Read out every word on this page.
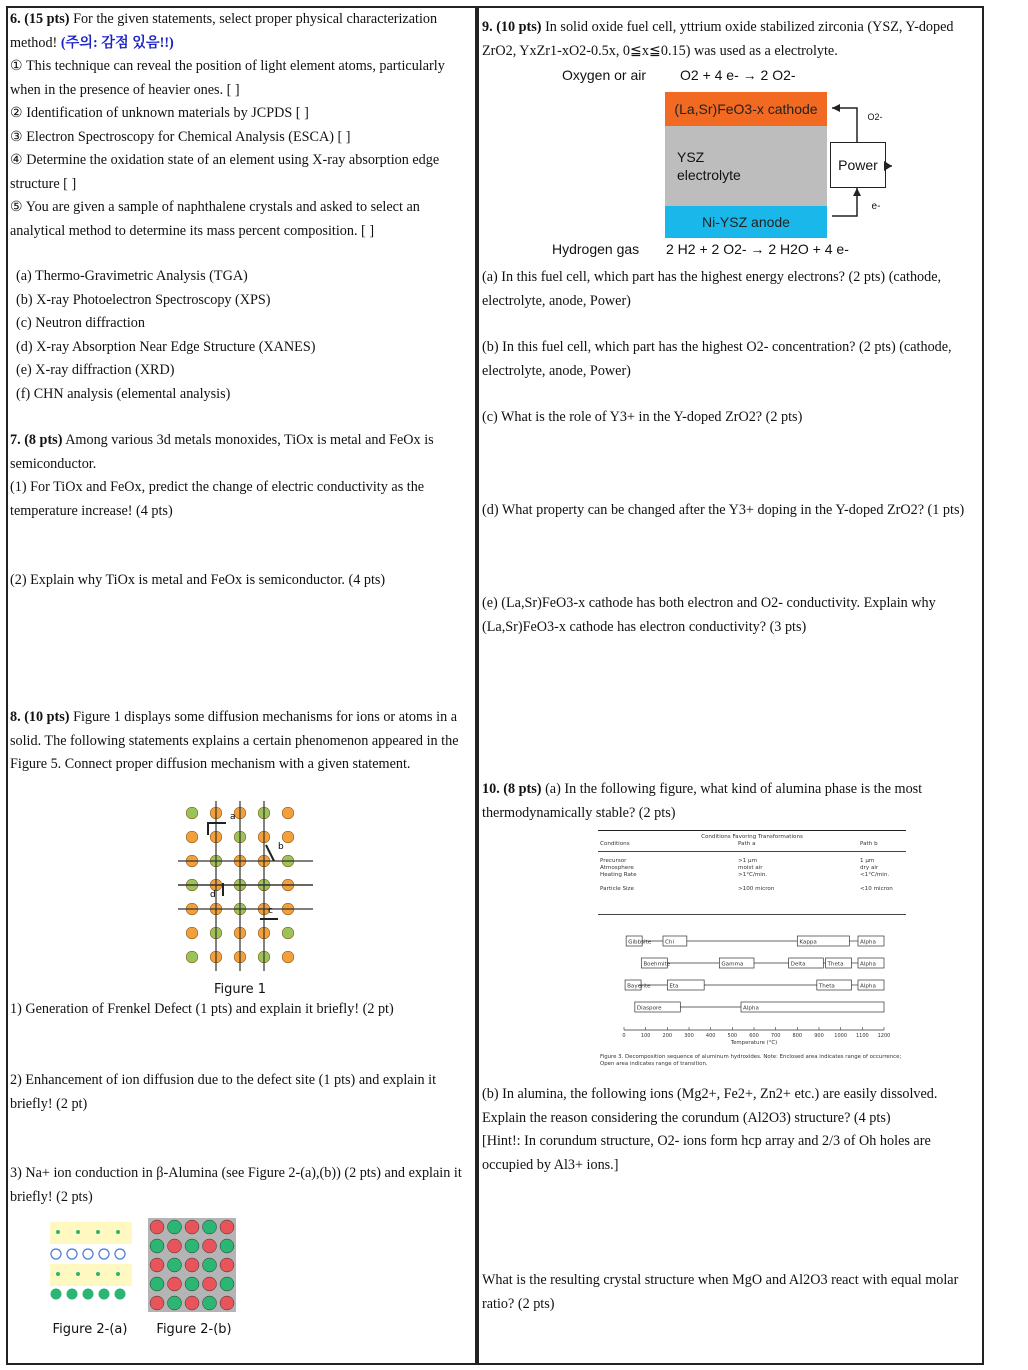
6. (15 pts) For the given statements, select proper physical characterization method! (주의: 감점 있음!!)

① This technique can reveal the position of light element atoms, particularly when in the presence of heavier ones. [ ]

② Identification of unknown materials by JCPDS [ ]

③ Electron Spectroscopy for Chemical Analysis (ESCA) [ ]

④ Determine the oxidation state of an element using X-ray absorption edge structure [ ]

⑤ You are given a sample of naphthalene crystals and asked to select an analytical method to determine its mass percent composition. [ ]

(a) Thermo-Gravimetric Analysis (TGA)

(b) X-ray Photoelectron Spectroscopy (XPS)

(c) Neutron diffraction

(d) X-ray Absorption Near Edge Structure (XANES)

(e) X-ray diffraction (XRD)

(f) CHN analysis (elemental analysis)

7. (8 pts) Among various 3d metals monoxides, TiOx is metal and FeOx is semiconductor.

(1) For TiOx and FeOx, predict the change of electric conductivity as the temperature increase! (4 pts)

(2) Explain why TiOx is metal and FeOx is semiconductor. (4 pts)

8. (10 pts) Figure 1 displays some diffusion mechanisms for ions or atoms in a solid. The following statements explains a certain phenomenon appeared in the Figure 5. Connect proper diffusion mechanism with a given statement.

a
b
c
d
Figure 1
1) Generation of Frenkel Defect (1 pts) and explain it briefly! (2 pt)
2) Enhancement of ion diffusion due to the defect site (1 pts) and explain it briefly! (2 pt)
3) Na+ ion conduction in β-Alumina (see Figure 2-(a),(b)) (2 pts) and explain it briefly! (2 pts)
Figure 2-(a)	Figure 2-(b)

9. (10 pts) In solid oxide fuel cell, yttrium oxide stabilized zirconia (YSZ, Y-doped ZrO2, YxZr1-xO2-0.5x, 0≦x≦0.15) was used as a electrolyte.

Oxygen or air	O2 + 4 e- → 2 O2-
(La,Sr)FeO3-x cathode
YSZ
electrolyte
Ni-YSZ anode
Power
O2-
e-
Hydrogen gas	2 H2 + 2 O2- → 2 H2O + 4 e-
(a) In this fuel cell, which part has the highest energy electrons? (2 pts) (cathode, electrolyte, anode, Power)
(b) In this fuel cell, which part has the highest O2- concentration? (2 pts) (cathode, electrolyte, anode, Power)
(c) What is the role of Y3+ in the Y-doped ZrO2? (2 pts)
(d) What property can be changed after the Y3+ doping in the Y-doped ZrO2? (1 pts)
(e) (La,Sr)FeO3-x cathode has both electron and O2- conductivity. Explain why (La,Sr)FeO3-x cathode has electron conductivity? (3 pts)

10. (8 pts) (a) In the following figure, what kind of alumina phase is the most thermodynamically stable? (2 pts)

Conditions Favoring Transformations
Conditions	Path a	Path b
Precursor	>1 µm	1 µm
Atmosphere	moist air	dry air
Heating Rate	>1°C/min.	<1°C/min.
Particle Size	>100 micron	<10 micron
Gibbsite Chi	Kappa	Alpha
Boehmite	Gamma	Delta	Theta	Alpha
Bayerite	Eta	Theta	Alpha
Diaspore	Alpha
0	100 200 300 400 500 600 700 800 900 1000 1100 1200
Temperature (°C)
Figure 3. Decomposition sequence of aluminum hydroxides. Note: Enclosed area indicates range of occurrence; Open area indicates range of transition.

(b) In alumina, the following ions (Mg2+, Fe2+, Zn2+ etc.) are easily dissolved. Explain the reason considering the corundum (Al2O3) structure? (4 pts)

[Hint!: In corundum structure, O2- ions form hcp array and 2/3 of Oh holes are occupied by Al3+ ions.]

What is the resulting crystal structure when MgO and Al2O3 react with equal molar ratio? (2 pts)
